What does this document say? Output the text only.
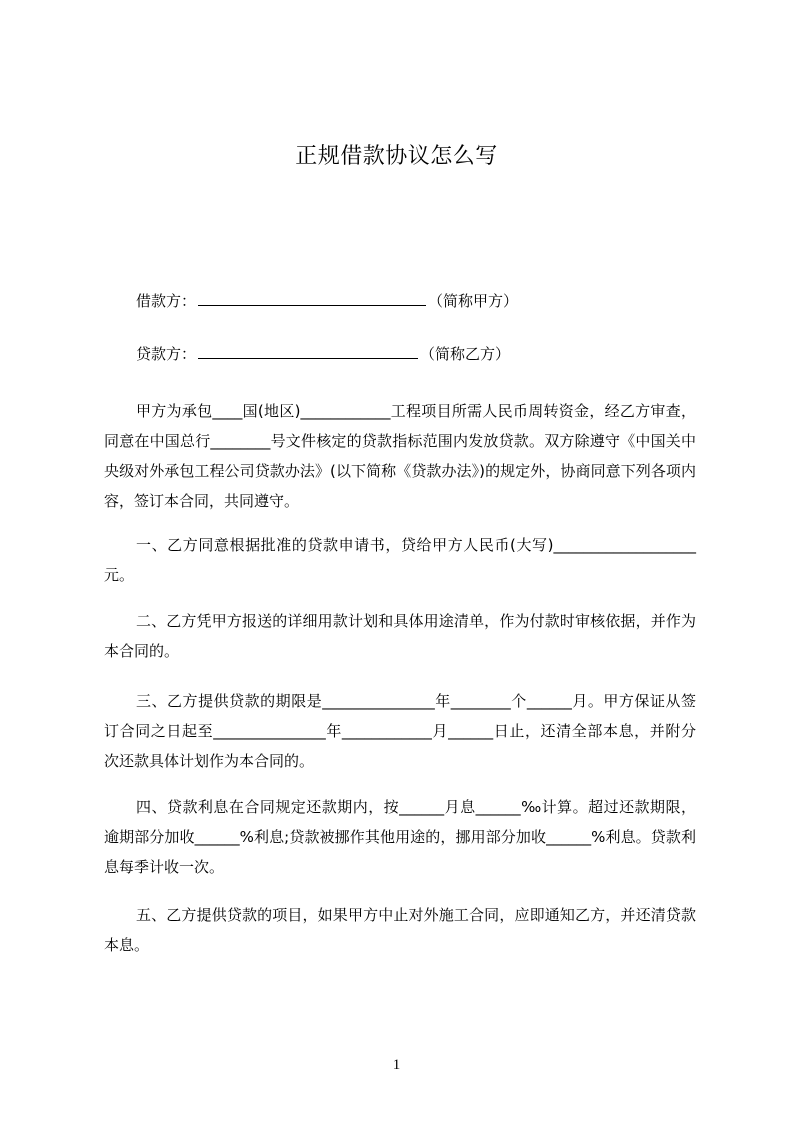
正规借款协议怎么写
借款方：	（简称甲方）
贷款方：	（简称乙方）

甲方为承包____国(地区)____________工程项目所需人民币周转资金，经乙方审查，同意在中国总行________号文件核定的贷款指标范围内发放贷款。双方除遵守《中国关中央级对外承包工程公司贷款办法》(以下简称《贷款办法》)的规定外，协商同意下列各项内容，签订本合同，共同遵守。

一、乙方同意根据批准的贷款申请书，贷给甲方人民币(大写)___________________元。

二、乙方凭甲方报送的详细用款计划和具体用途清单，作为付款时审核依据，并作为本合同的。

三、乙方提供贷款的期限是_______________年________个______月。甲方保证从签订合同之日起至_______________年____________月______日止，还清全部本息，并附分次还款具体计划作为本合同的。

四、贷款利息在合同规定还款期内，按______月息______‰计算。超过还款期限，逾期部分加收______%利息;贷款被挪作其他用途的，挪用部分加收______%利息。贷款利息每季计收一次。

五、乙方提供贷款的项目，如果甲方中止对外施工合同，应即通知乙方，并还清贷款本息。

1
